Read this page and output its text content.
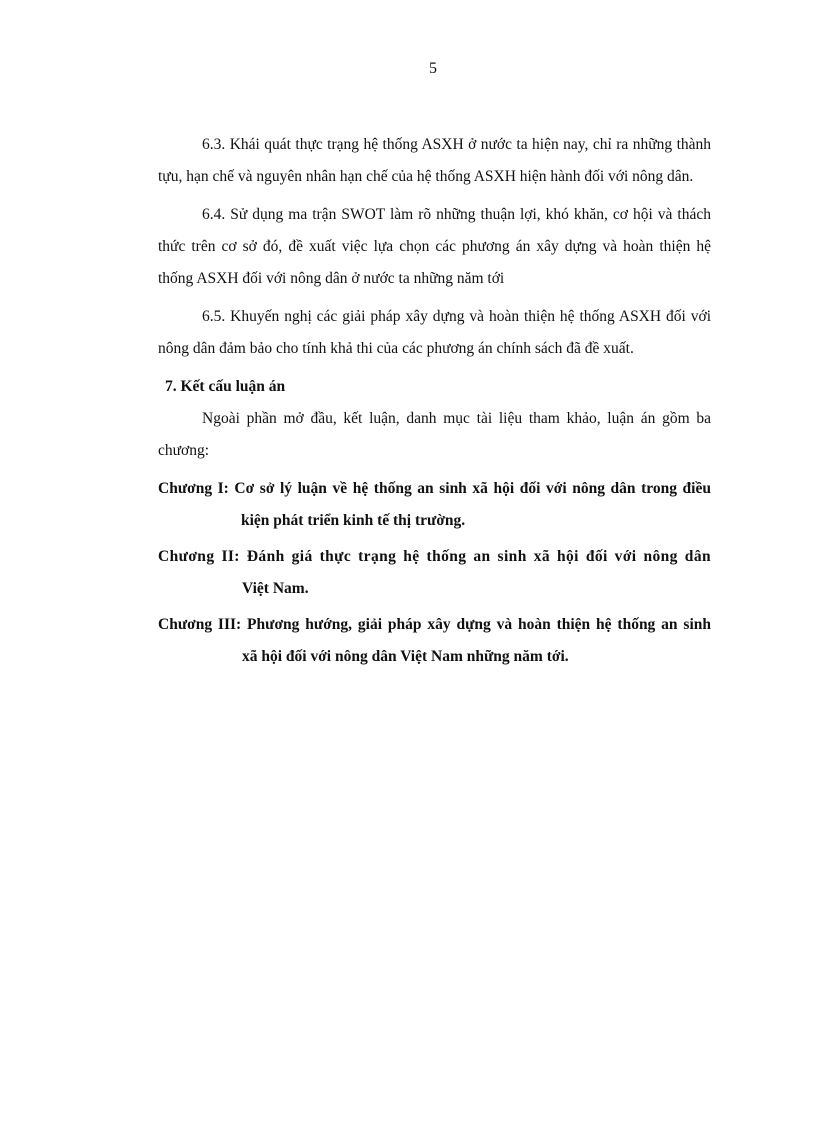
5

6.3. Khái quát thực trạng hệ thống ASXH ở nước ta hiện nay, chỉ ra những thành tựu, hạn chế và nguyên nhân hạn chế của hệ thống ASXH hiện hành đối với nông dân.

6.4. Sử dụng ma trận SWOT làm rõ những thuận lợi, khó khăn, cơ hội và thách thức trên cơ sở đó, đề xuất việc lựa chọn các phương án xây dựng và hoàn thiện hệ thống ASXH đối với nông dân ở nước ta những năm tới

6.5. Khuyến nghị các giải pháp xây dựng và hoàn thiện hệ thống ASXH đối với nông dân đảm bảo cho tính khả thi của các phương án chính sách đã đề xuất.

7. Kết cấu luận án

Ngoài phần mở đầu, kết luận, danh mục tài liệu tham khảo, luận án gồm ba chương:

Chương I: Cơ sở lý luận về hệ thống an sinh xã hội đối với nông dân trong điều
kiện phát triển kinh tế thị trường.
Chương II: Đánh giá thực trạng hệ thống an sinh xã hội đối với nông dân
Việt Nam.
Chương III: Phương hướng, giải pháp xây dựng và hoàn thiện hệ thống an sinh
xã hội đối với nông dân Việt Nam những năm tới.
